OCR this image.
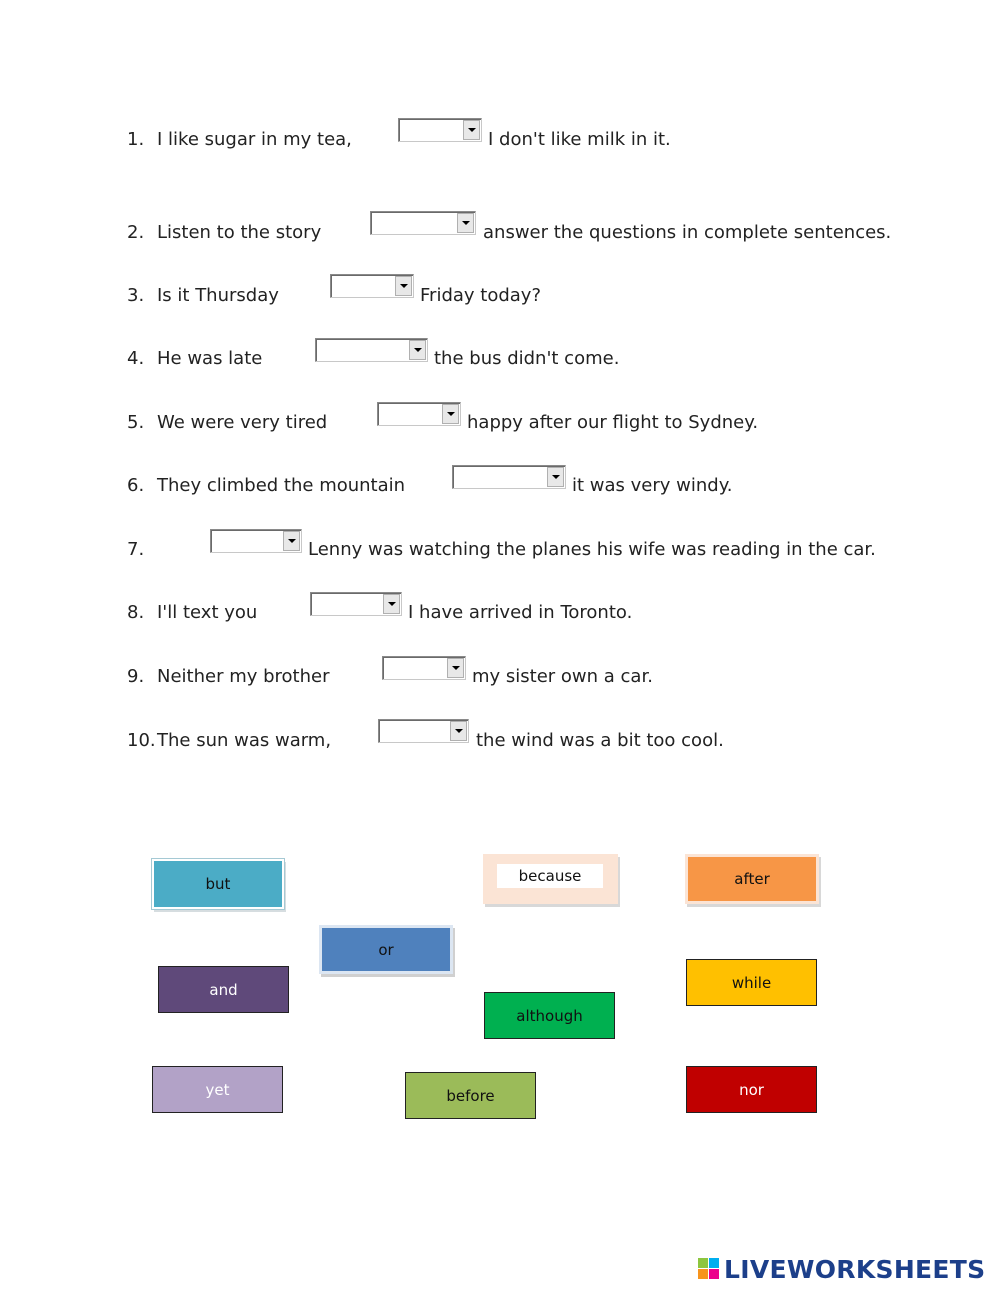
1. I like sugar in my tea,	I don't like milk in it.
2. Listen to the story	answer the questions in complete sentences.
3. Is it Thursday	Friday today?
4. He was late	the bus didn't come.
5. We were very tired	happy after our flight to Sydney.
6. They climbed the mountain	it was very windy.
7.	Lenny was watching the planes his wife was reading in the car.
8. I'll text you	I have arrived in Toronto.
9. Neither my brother	my sister own a car.
10. The sun was warm,	the wind was a bit too cool.
but	because	after
or
and	while
although
yet	before	nor
LIVEWORKSHEETS
